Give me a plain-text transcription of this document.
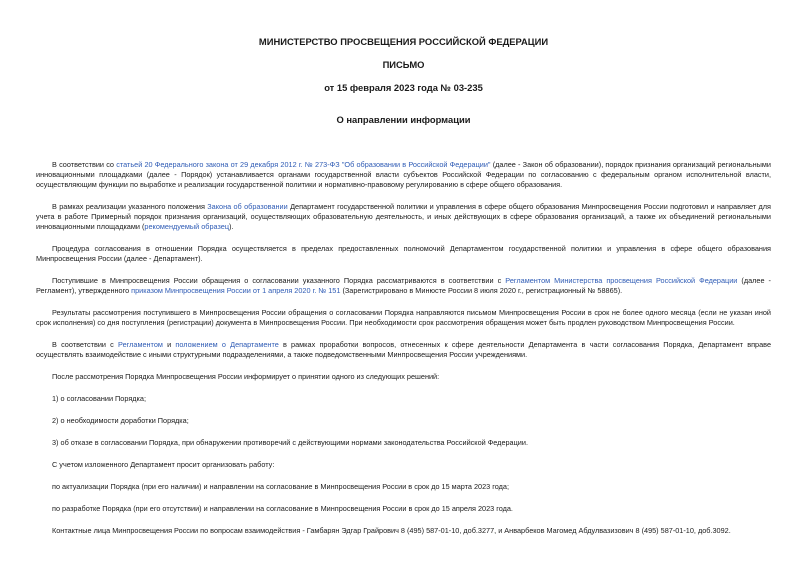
МИНИСТЕРСТВО ПРОСВЕЩЕНИЯ РОССИЙСКОЙ ФЕДЕРАЦИИ
ПИСЬМО
от 15 февраля 2023 года № 03-235
О направлении информации

В соответствии со статьей 20 Федерального закона от 29 декабря 2012 г. № 273-ФЗ "Об образовании в Российской Федерации" (далее - Закон об образовании), порядок признания организаций региональными инновационными площадками (далее - Порядок) устанавливается органами государственной власти субъектов Российской Федерации по согласованию с федеральным органом исполнительной власти, осуществляющим функции по выработке и реализации государственной политики и нормативно-правовому регулированию в сфере общего образования.

В рамках реализации указанного положения Закона об образовании Департамент государственной политики и управления в сфере общего образования Минпросвещения России подготовил и направляет для учета в работе Примерный порядок признания организаций, осуществляющих образовательную деятельность, и иных действующих в сфере образования организаций, а также их объединений региональными инновационными площадками (рекомендуемый образец).

Процедура согласования в отношении Порядка осуществляется в пределах предоставленных полномочий Департаментом государственной политики и управления в сфере общего образования Минпросвещения России (далее - Департамент).

Поступившие в Минпросвещения России обращения о согласовании указанного Порядка рассматриваются в соответствии с Регламентом Министерства просвещения Российской Федерации (далее - Регламент), утвержденного приказом Минпросвещения России от 1 апреля 2020 г. № 151 (Зарегистрировано в Минюсте России 8 июля 2020 г., регистрационный № 58865).

Результаты рассмотрения поступившего в Минпросвещения России обращения о согласовании Порядка направляются письмом Минпросвещения России в срок не более одного месяца (если не указан иной срок исполнения) со дня поступления (регистрации) документа в Минпросвещения России. При необходимости срок рассмотрения обращения может быть продлен руководством Минпросвещения России.

В соответствии с Регламентом и положением о Департаменте в рамках проработки вопросов, отнесенных к сфере деятельности Департамента в части согласования Порядка, Департамент вправе осуществлять взаимодействие с иными структурными подразделениями, а также подведомственными Минпросвещения России учреждениями.

После рассмотрения Порядка Минпросвещения России информирует о принятии одного из следующих решений:

1) о согласовании Порядка;

2) о необходимости доработки Порядка;

3) об отказе в согласовании Порядка, при обнаружении противоречий с действующими нормами законодательства Российской Федерации.

С учетом изложенного Департамент просит организовать работу:

по актуализации Порядка (при его наличии) и направлении на согласование в Минпросвещения России в срок до 15 марта 2023 года;

по разработке Порядка (при его отсутствии) и направлении на согласование в Минпросвещения России в срок до 15 апреля 2023 года.

Контактные лица Минпросвещения России по вопросам взаимодействия - Гамбарян Эдгар Грайрович 8 (495) 587-01-10, доб.3277, и Анварбеков Магомед Абдулвазизович 8 (495) 587-01-10, доб.3092.
